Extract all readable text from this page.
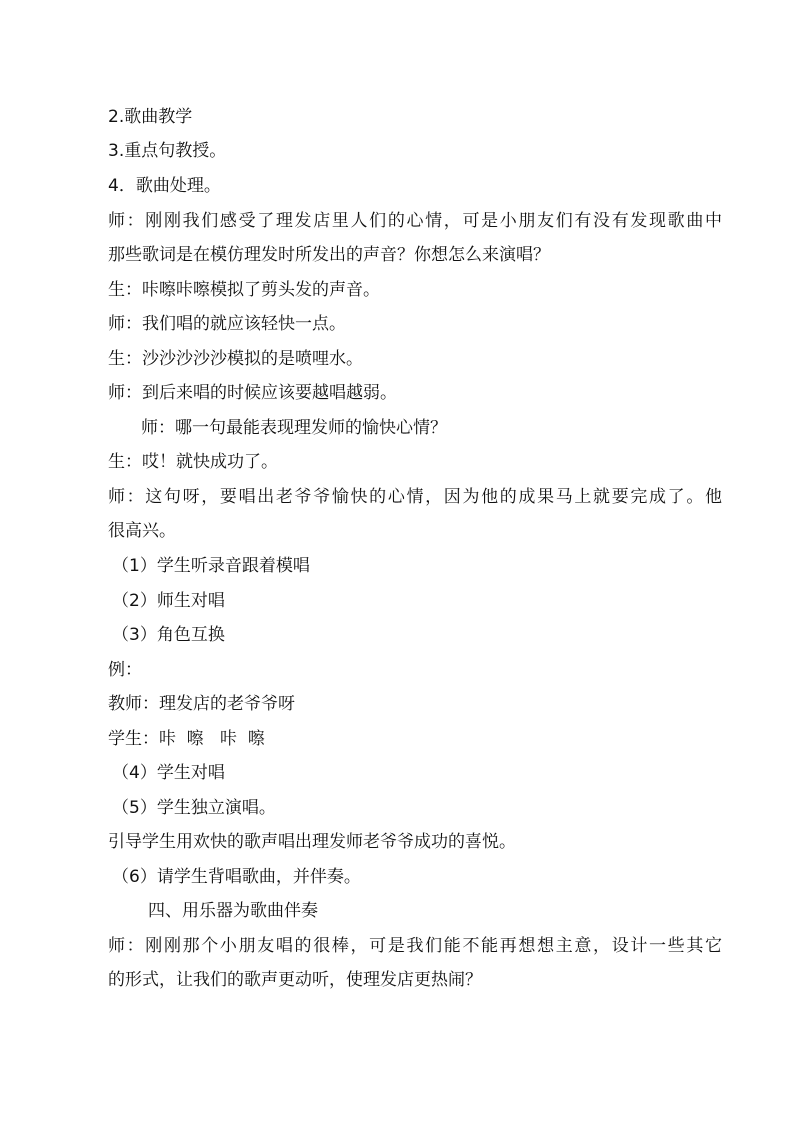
2.歌曲教学
3.重点句教授。
4．歌曲处理。
师：刚刚我们感受了理发店里人们的心情，可是小朋友们有没有发现歌曲中
那些歌词是在模仿理发时所发出的声音？你想怎么来演唱？
生：咔嚓咔嚓模拟了剪头发的声音。
师：我们唱的就应该轻快一点。
生：沙沙沙沙沙模拟的是喷哩水。
师：到后来唱的时候应该要越唱越弱。
师：哪一句最能表现理发师的愉快心情？
生：哎！就快成功了。
师：这句呀，要唱出老爷爷愉快的心情，因为他的成果马上就要完成了。他
很高兴。
（1）学生听录音跟着模唱
（2）师生对唱
（3）角色互换
例：
教师：理发店的老爷爷呀
学生：咔  嚓   咔  嚓
（4）学生对唱
（5）学生独立演唱。
引导学生用欢快的歌声唱出理发师老爷爷成功的喜悦。
（6）请学生背唱歌曲，并伴奏。
四、用乐器为歌曲伴奏
师：刚刚那个小朋友唱的很棒，可是我们能不能再想想主意，设计一些其它
的形式，让我们的歌声更动听，使理发店更热闹？
